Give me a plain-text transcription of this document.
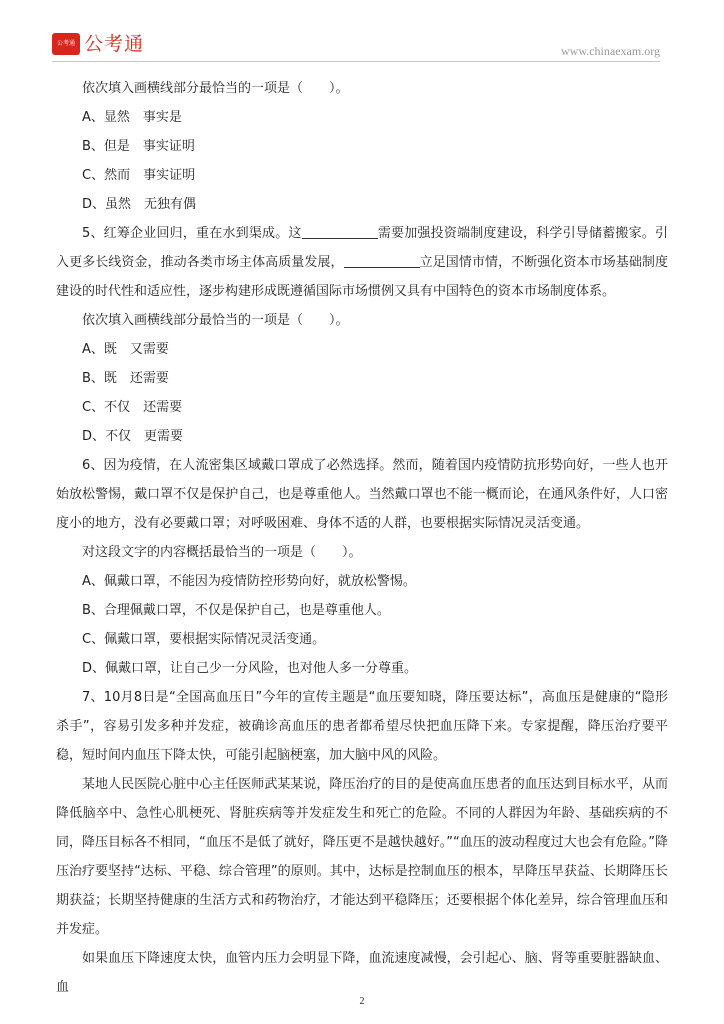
公考通 公考通	www.chinaexam.org

依次填入画横线部分最恰当的一项是（　　）。

A、显然　事实是

B、但是　事实证明

C、然而　事实证明

D、虽然　无独有偶

5、红筹企业回归，重在水到渠成。这	需要加强投资端制度建设，科学引导储蓄搬家。引入更多长线资金，推动各类市场主体高质量发展，	立足国情市情，不断强化资本市场基础制度建设的时代性和适应性，逐步构建形成既遵循国际市场惯例又具有中国特色的资本市场制度体系。

依次填入画横线部分最恰当的一项是（　　）。

A、既　又需要

B、既　还需要

C、不仅　还需要

D、不仅　更需要

6、因为疫情，在人流密集区域戴口罩成了必然选择。然而，随着国内疫情防抗形势向好，一些人也开始放松警惕，戴口罩不仅是保护自己，也是尊重他人。当然戴口罩也不能一概而论，在通风条件好，人口密度小的地方，没有必要戴口罩；对呼吸困难、身体不适的人群，也要根据实际情况灵活变通。

对这段文字的内容概括最恰当的一项是（　　）。

A、佩戴口罩，不能因为疫情防控形势向好，就放松警惕。

B、合理佩戴口罩，不仅是保护自己，也是尊重他人。

C、佩戴口罩，要根据实际情况灵活变通。

D、佩戴口罩，让自己少一分风险，也对他人多一分尊重。

7、10月8日是“全国高血压日”今年的宣传主题是“血压要知晓，降压要达标”，高血压是健康的“隐形杀手”，容易引发多种并发症，被确诊高血压的患者都希望尽快把血压降下来。专家提醒，降压治疗要平稳，短时间内血压下降太快，可能引起脑梗塞，加大脑中风的风险。

某地人民医院心脏中心主任医师武某某说，降压治疗的目的是使高血压患者的血压达到目标水平，从而降低脑卒中、急性心肌梗死、肾脏疾病等并发症发生和死亡的危险。不同的人群因为年龄、基础疾病的不同，降压目标各不相同，“血压不是低了就好，降压更不是越快越好。”“血压的波动程度过大也会有危险。”降压治疗要坚持“达标、平稳、综合管理”的原则。其中，达标是控制血压的根本，早降压早获益、长期降压长期获益；长期坚持健康的生活方式和药物治疗，才能达到平稳降压；还要根据个体化差异，综合管理血压和并发症。

如果血压下降速度太快，血管内压力会明显下降，血流速度减慢，会引起心、脑、肾等重要脏器缺血、血

2
